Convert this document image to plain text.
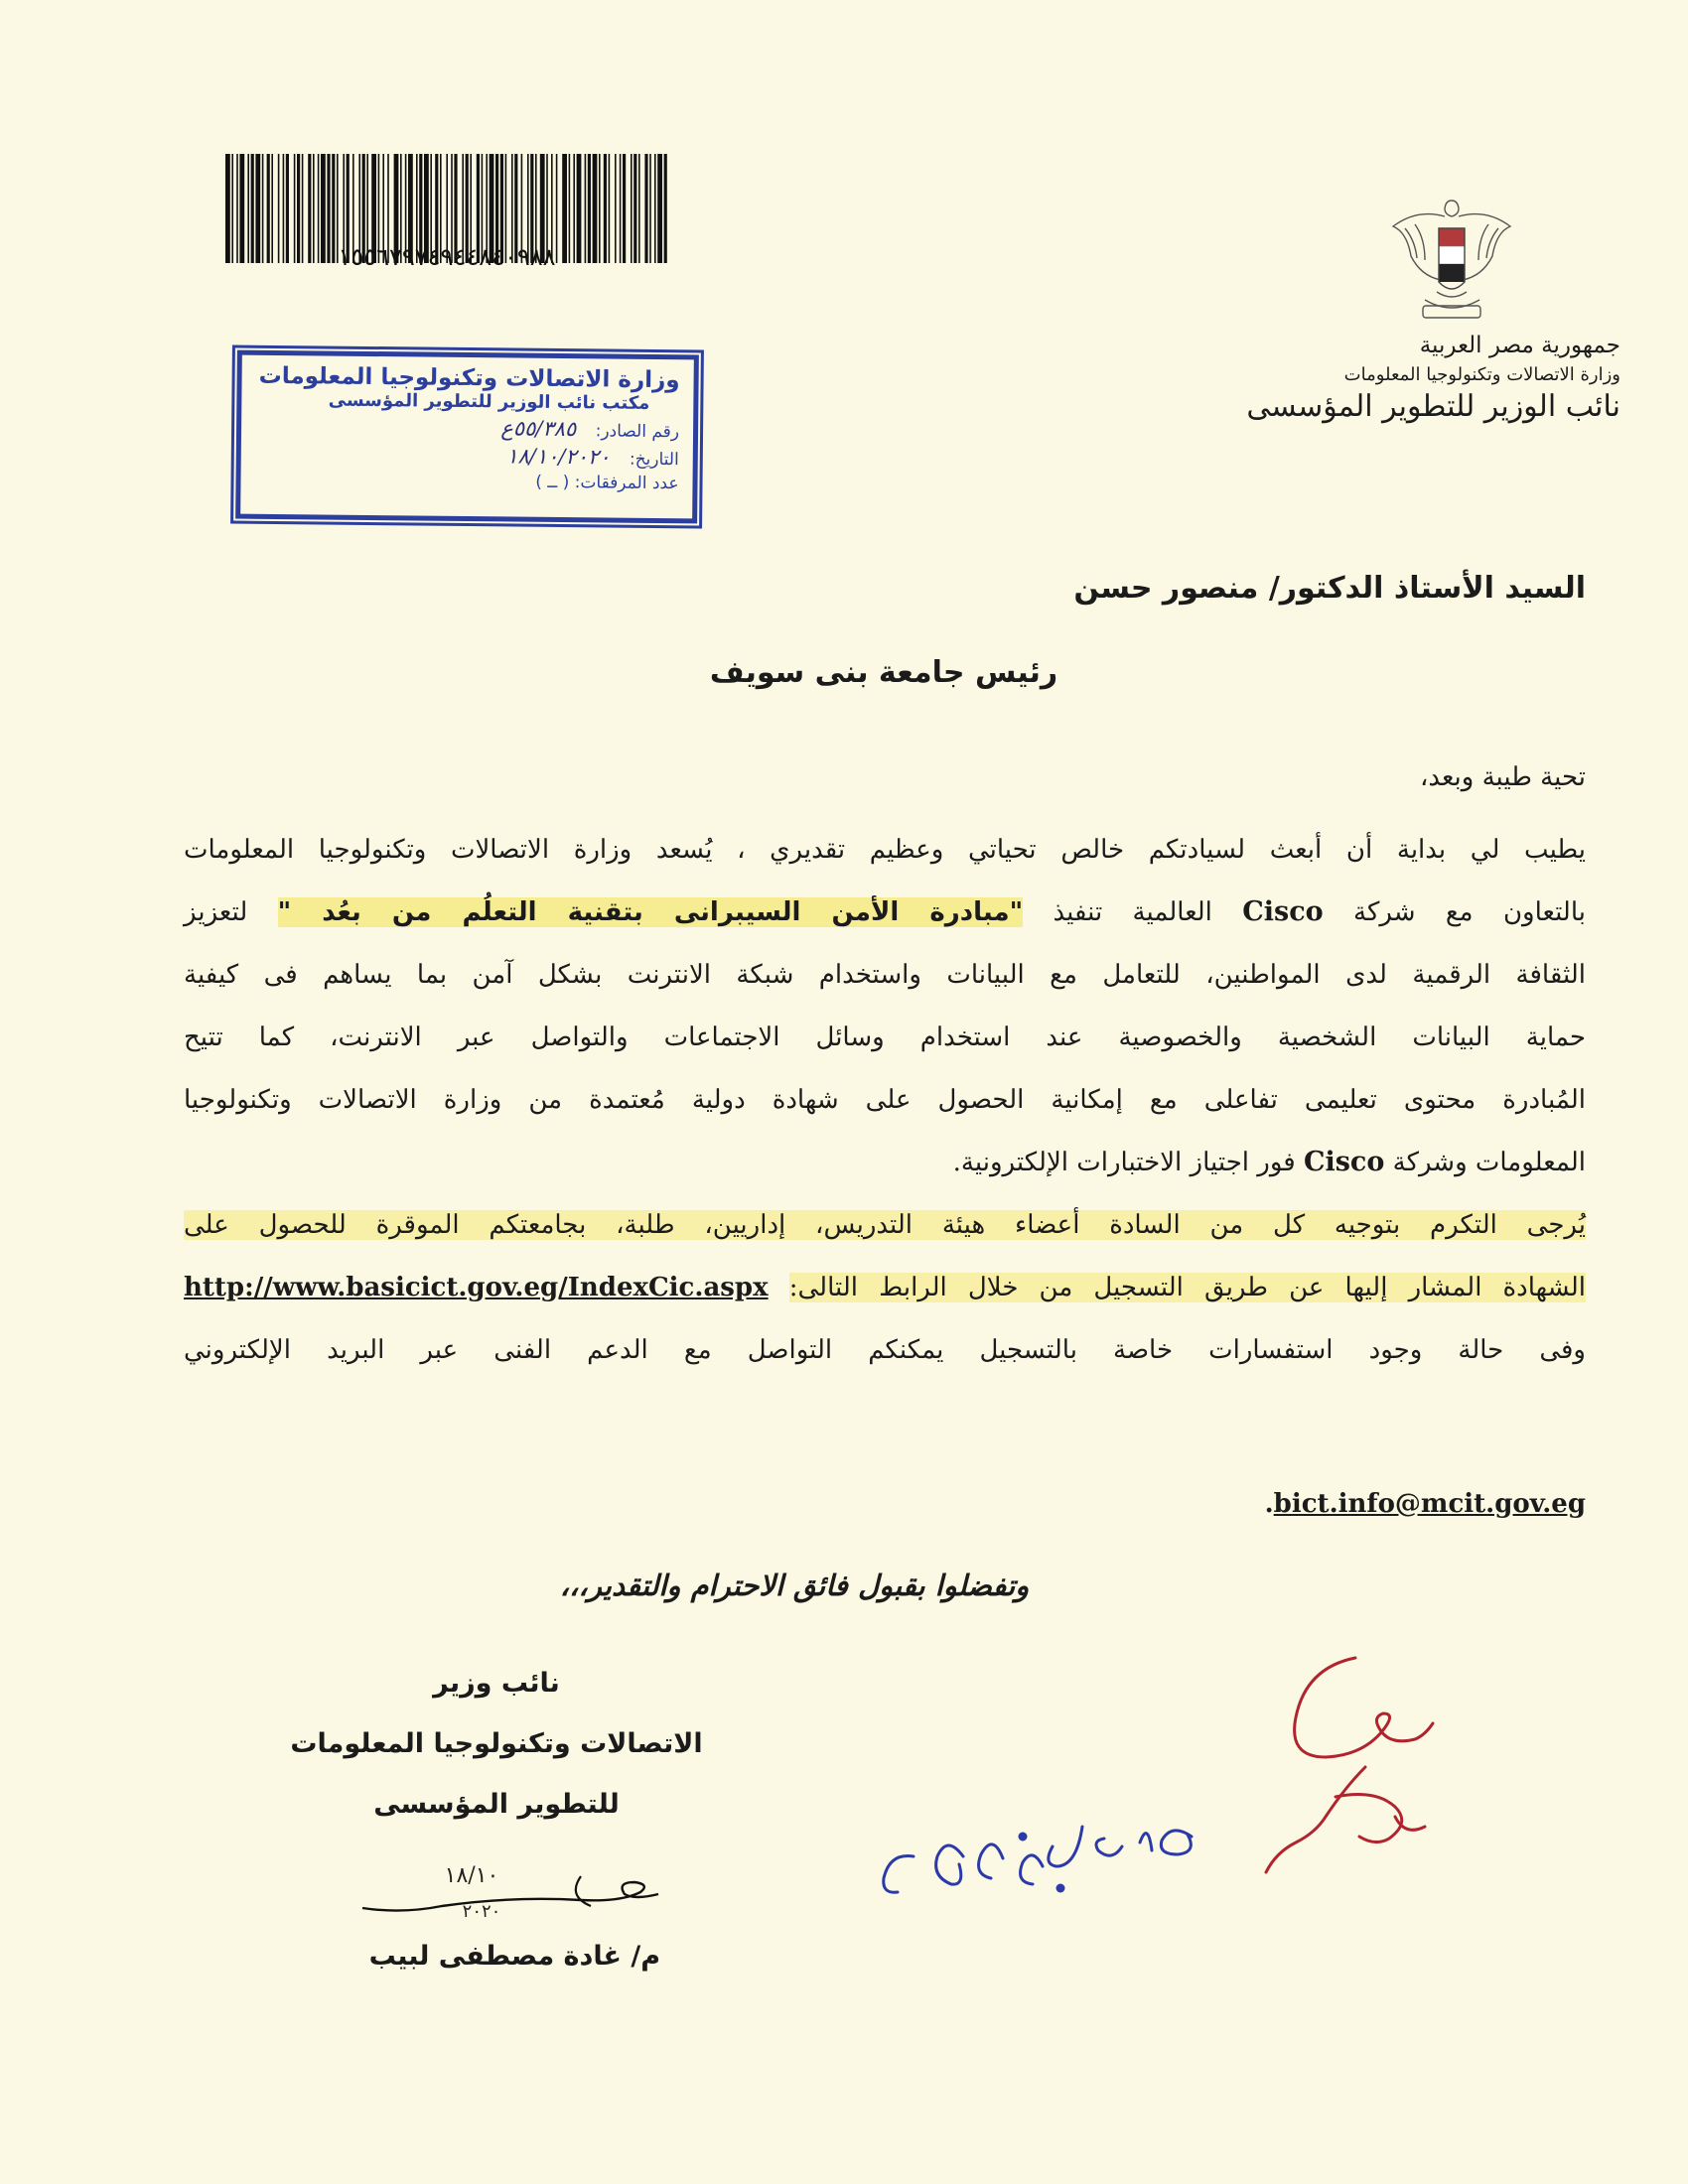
١٥٥٦٧٩٧٤٩٤٤٨٤٠٩٨٨
جمهورية مصر العربية
وزارة الاتصالات وتكنولوجيا المعلومات
نائب الوزير للتطوير المؤسسى
وزارة الاتصالات وتكنولوجيا المعلومات
مكتب نائب الوزير للتطوير المؤسسى
رقم الصادر: ٥٥/٣٨٥ع
التاريخ: ١٨/١٠/٢٠٢٠
عدد المرفقات: ( ــ )
السيد الأستاذ الدكتور/ منصور حسن
رئيس جامعة بنى سويف
تحية طيبة وبعد،
يطيب لي بداية أن أبعث لسيادتكم خالص تحياتي وعظيم تقديري ، يُسعد وزارة الاتصالات وتكنولوجيا المعلومات
بالتعاون مع شركة Cisco العالمية تنفيذ "مبادرة الأمن السيبرانى بتقنية التعلُم من بعُد " لتعزيز
الثقافة الرقمية لدى المواطنين، للتعامل مع البيانات واستخدام شبكة الانترنت بشكل آمن بما يساهم فى كيفية
حماية البيانات الشخصية والخصوصية عند استخدام وسائل الاجتماعات والتواصل عبر الانترنت، كما تتيح
المُبادرة محتوى تعليمى تفاعلى مع إمكانية الحصول على شهادة دولية مُعتمدة من وزارة الاتصالات وتكنولوجيا
المعلومات وشركة Cisco فور اجتياز الاختبارات الإلكترونية.
يُرجى التكرم بتوجيه كل من السادة أعضاء هيئة التدريس، إداريين، طلبة، بجامعتكم الموقرة للحصول على
الشهادة المشار إليها عن طريق التسجيل من خلال الرابط التالى: http://www.basicict.gov.eg/IndexCic.aspx
وفى حالة وجود استفسارات خاصة بالتسجيل يمكنكم التواصل مع الدعم الفنى عبر البريد الإلكتروني
.bict.info@mcit.gov.eg
وتفضلوا بقبول فائق الاحترام والتقدير،،،
نائب وزير
الاتصالات وتكنولوجيا المعلومات
للتطوير المؤسسى
١٨/١٠
٢٠٢٠
م/ غادة مصطفى لبيب
